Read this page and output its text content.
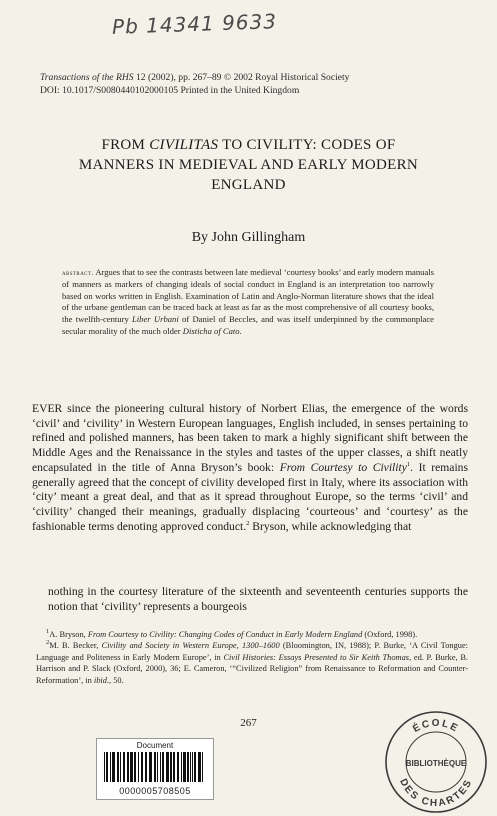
Pb 14341 9633
Transactions of the RHS 12 (2002), pp. 267–89 © 2002 Royal Historical Society
DOI: 10.1017/S0080440102000105 Printed in the United Kingdom
FROM CIVILITAS TO CIVILITY: CODES OF
MANNERS IN MEDIEVAL AND EARLY MODERN
ENGLAND
By John Gillingham
abstract. Argues that to see the contrasts between late medieval ‘courtesy books’ and early modern manuals of manners as markers of changing ideals of social conduct in England is an interpretation too narrowly based on works written in English. Examination of Latin and Anglo-Norman literature shows that the ideal of the urbane gentleman can be traced back at least as far as the most comprehensive of all courtesy books, the twelfth-century Liber Urbani of Daniel of Beccles, and was itself underpinned by the commonplace secular morality of the much older Disticha of Cato.

EVER since the pioneering cultural history of Norbert Elias, the emergence of the words ‘civil’ and ‘civility’ in Western European languages, English included, in senses pertaining to refined and polished manners, has been taken to mark a highly significant shift between the Middle Ages and the Renaissance in the styles and tastes of the upper classes, a shift neatly encapsulated in the title of Anna Bryson’s book: From Courtesy to Civility$^1$. It remains generally agreed that the concept of civility developed first in Italy, where its association with ‘city’ meant a great deal, and that as it spread throughout Europe, so the terms ‘civil’ and ‘civility’ changed their meanings, gradually displacing ‘courteous’ and ‘courtesy’ as the fashionable terms denoting approved conduct.$^2$ Bryson, while acknowledging that

nothing in the courtesy literature of the sixteenth and seventeenth centuries supports the notion that ‘civility’ represents a bourgeois

$^1$A. Bryson, From Courtesy to Civility: Changing Codes of Conduct in Early Modern England (Oxford, 1998).

$^2$M. B. Becker, Civility and Society in Western Europe, 1300–1600 (Bloomington, IN, 1988); P. Burke, ‘A Civil Tongue: Language and Politeness in Early Modern Europe’, in Civil Histories: Essays Presented to Sir Keith Thomas, ed. P. Burke, B. Harrison and P. Slack (Oxford, 2000), 36; E. Cameron, ‘“Civilized Religion” from Renaissance to Reformation and Counter-Reformation’, in ibid., 50.

267
Document
0000005708505
ÉCOLE
DES CHARTES
BIBLIOTHÈQUE
